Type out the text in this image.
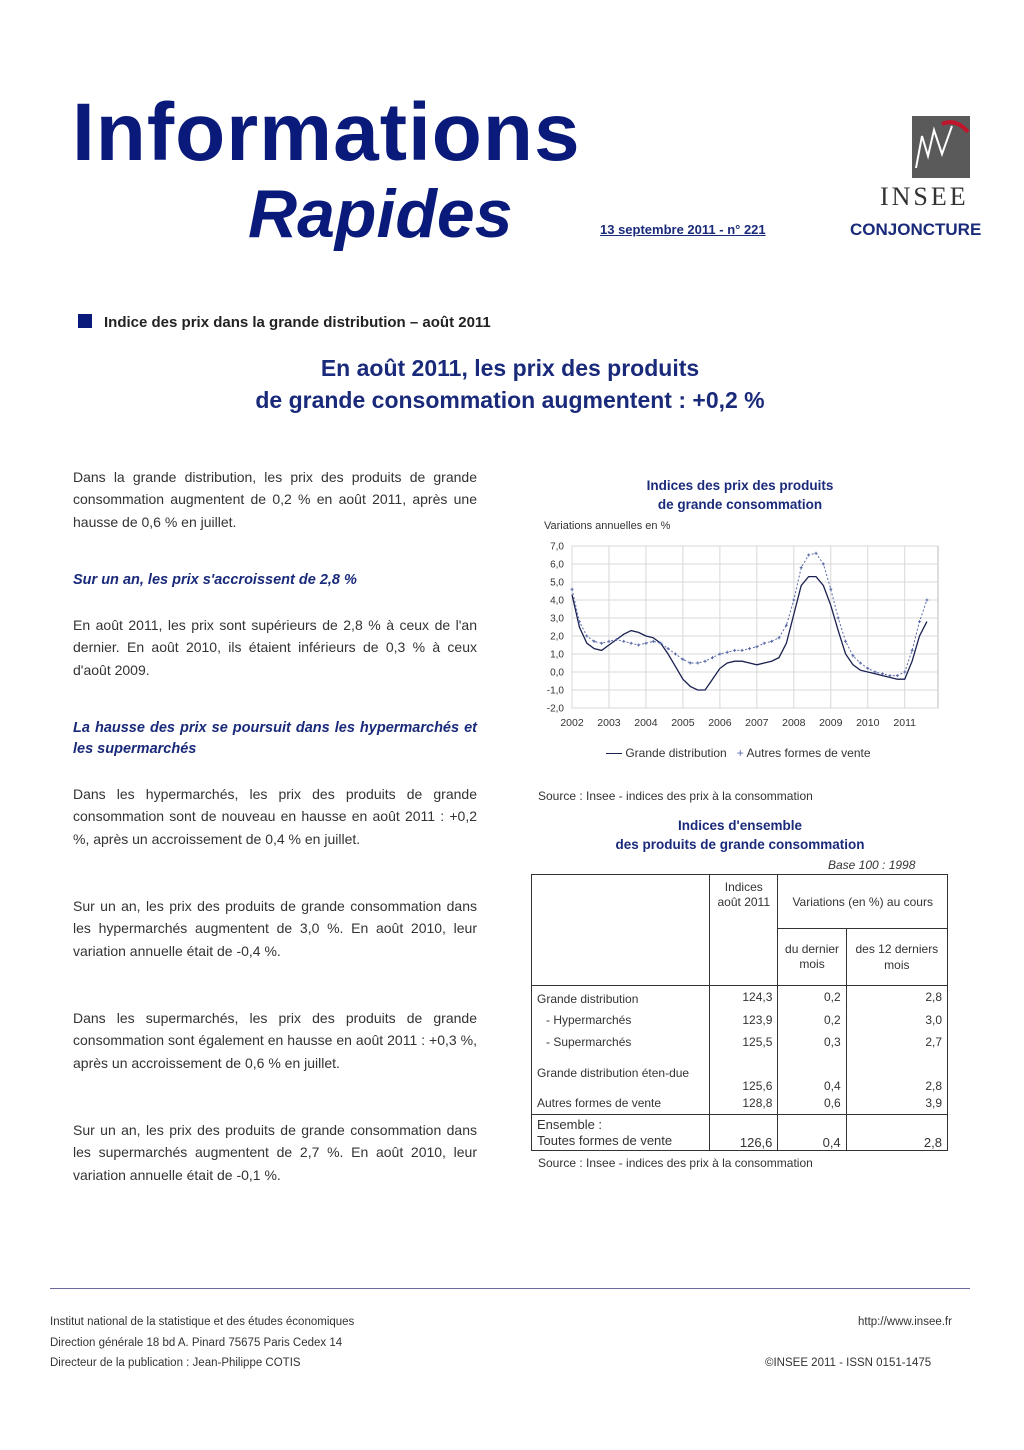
Informations
Rapides	13 septembre 2011 - n° 221
INSEE
CONJONCTURE
Indice des prix dans la grande distribution – août 2011
En août 2011, les prix des produits
de grande consommation augmentent : +0,2 %
Dans la grande distribution, les prix des produits de grande consommation augmentent de 0,2 % en août 2011, après une hausse de 0,6 % en juillet.
Sur un an, les prix s'accroissent de 2,8 %
En août 2011, les prix sont supérieurs de 2,8 % à ceux de l'an dernier. En août 2010, ils étaient inférieurs de 0,3 % à ceux d'août 2009.
La hausse des prix se poursuit dans les hypermarchés et les supermarchés
Dans les hypermarchés, les prix des produits de grande consommation sont de nouveau en hausse en août 2011 : +0,2 %, après un accroissement de 0,4 % en juillet.
Sur un an, les prix des produits de grande consommation dans les hypermarchés augmentent de 3,0 %. En août 2010, leur variation annuelle était de -0,4 %.
Dans les supermarchés, les prix des produits de grande consommation sont également en hausse en août 2011 : +0,3 %, après un accroissement de 0,6 % en juillet.
Sur un an, les prix des produits de grande consommation dans les supermarchés augmentent de 2,7 %. En août 2010, leur variation annuelle était de -0,1 %.
Indices des prix des produits
de grande consommation
Variations annuelles en %
7,0
6,0
5,0
4,0
3,0
2,0
1,0
0,0
-1,0
-2,0
2002 2003 2004 2005 2006 2007 2008 2009 2010 2011
Grande distribution + Autres formes de vente
Source : Insee - indices des prix à la consommation
Indices d'ensemble
des produits de grande consommation
Base 100 : 1998
	Indices août 2011	Variations (en %) au cours	
		du dernier mois	des 12 derniers mois
Grande distribution	124,3	0,2	2,8
- Hypermarchés	123,9	0,2	3,0
- Supermarchés	125,5	0,3	2,7
Grande distribution éten-due	125,6	0,4	2,8
Autres formes de vente	128,8	0,6	3,9

Ensemble :
Toutes formes de vente	126,6	0,4	2,8
Source : Insee - indices des prix à la consommation
Institut national de la statistique et des études économiques
Direction générale 18 bd A. Pinard 75675 Paris Cedex 14
Directeur de la publication : Jean-Philippe COTIS
http://www.insee.fr
©INSEE 2011 - ISSN 0151-1475
